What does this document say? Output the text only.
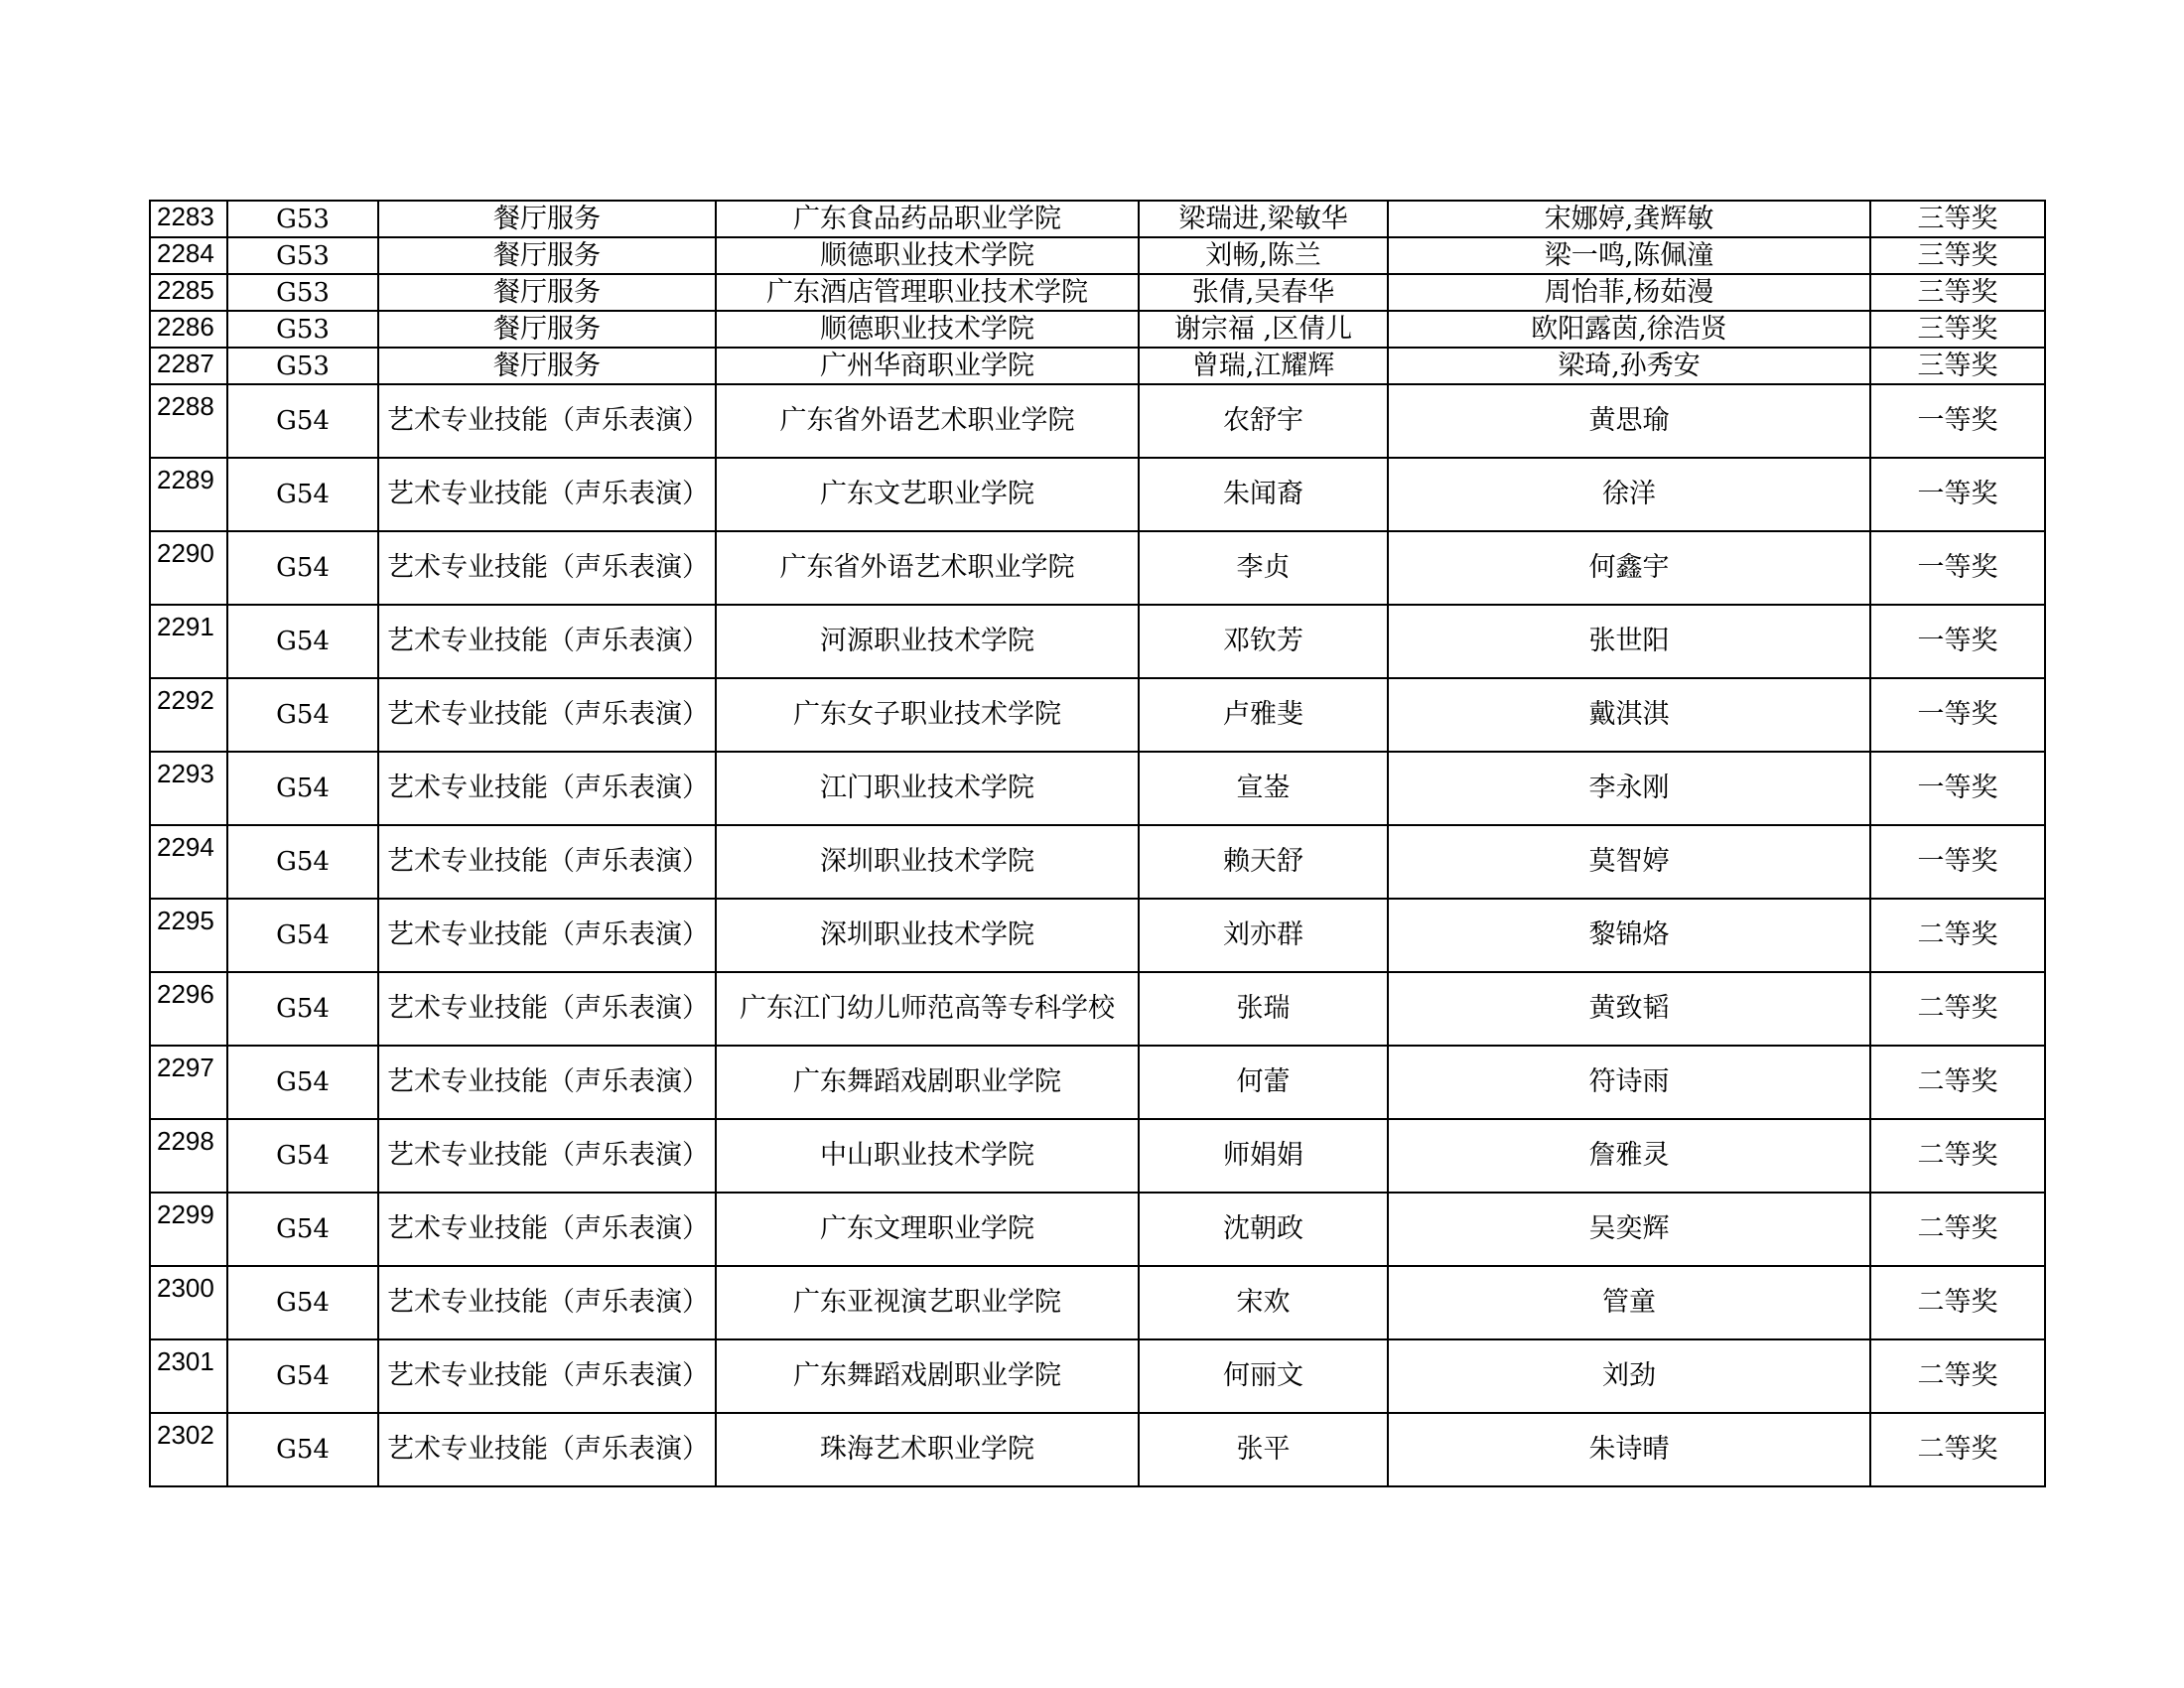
2283	G53	餐厅服务	广东食品药品职业学院	梁瑞进,梁敏华	宋娜婷,龚辉敏	三等奖
2284	G53	餐厅服务	顺德职业技术学院	刘畅,陈兰	梁一鸣,陈佩潼	三等奖
2285	G53	餐厅服务	广东酒店管理职业技术学院	张倩,吴春华	周怡菲,杨茹漫	三等奖
2286	G53	餐厅服务	顺德职业技术学院	谢宗福 ,区倩儿	欧阳露茵,徐浩贤	三等奖
2287	G53	餐厅服务	广州华商职业学院	曾瑞,江耀辉	梁琦,孙秀安	三等奖
2288	G54	艺术专业技能（声乐表演）	广东省外语艺术职业学院	农舒宇	黄思瑜	一等奖
2289	G54	艺术专业技能（声乐表演）	广东文艺职业学院	朱闻裔	徐洋	一等奖
2290	G54	艺术专业技能（声乐表演）	广东省外语艺术职业学院	李贞	何鑫宇	一等奖
2291	G54	艺术专业技能（声乐表演）	河源职业技术学院	邓钦芳	张世阳	一等奖
2292	G54	艺术专业技能（声乐表演）	广东女子职业技术学院	卢雅斐	戴淇淇	一等奖
2293	G54	艺术专业技能（声乐表演）	江门职业技术学院	宣崟	李永刚	一等奖
2294	G54	艺术专业技能（声乐表演）	深圳职业技术学院	赖天舒	莫智婷	一等奖
2295	G54	艺术专业技能（声乐表演）	深圳职业技术学院	刘亦群	黎锦烙	二等奖
2296	G54	艺术专业技能（声乐表演）	广东江门幼儿师范高等专科学校	张瑞	黄致韬	二等奖
2297	G54	艺术专业技能（声乐表演）	广东舞蹈戏剧职业学院	何蕾	符诗雨	二等奖
2298	G54	艺术专业技能（声乐表演）	中山职业技术学院	师娟娟	詹雅灵	二等奖
2299	G54	艺术专业技能（声乐表演）	广东文理职业学院	沈朝政	吴奕辉	二等奖
2300	G54	艺术专业技能（声乐表演）	广东亚视演艺职业学院	宋欢	管童	二等奖
2301	G54	艺术专业技能（声乐表演）	广东舞蹈戏剧职业学院	何丽文	刘劲	二等奖
2302	G54	艺术专业技能（声乐表演）	珠海艺术职业学院	张平	朱诗晴	二等奖
